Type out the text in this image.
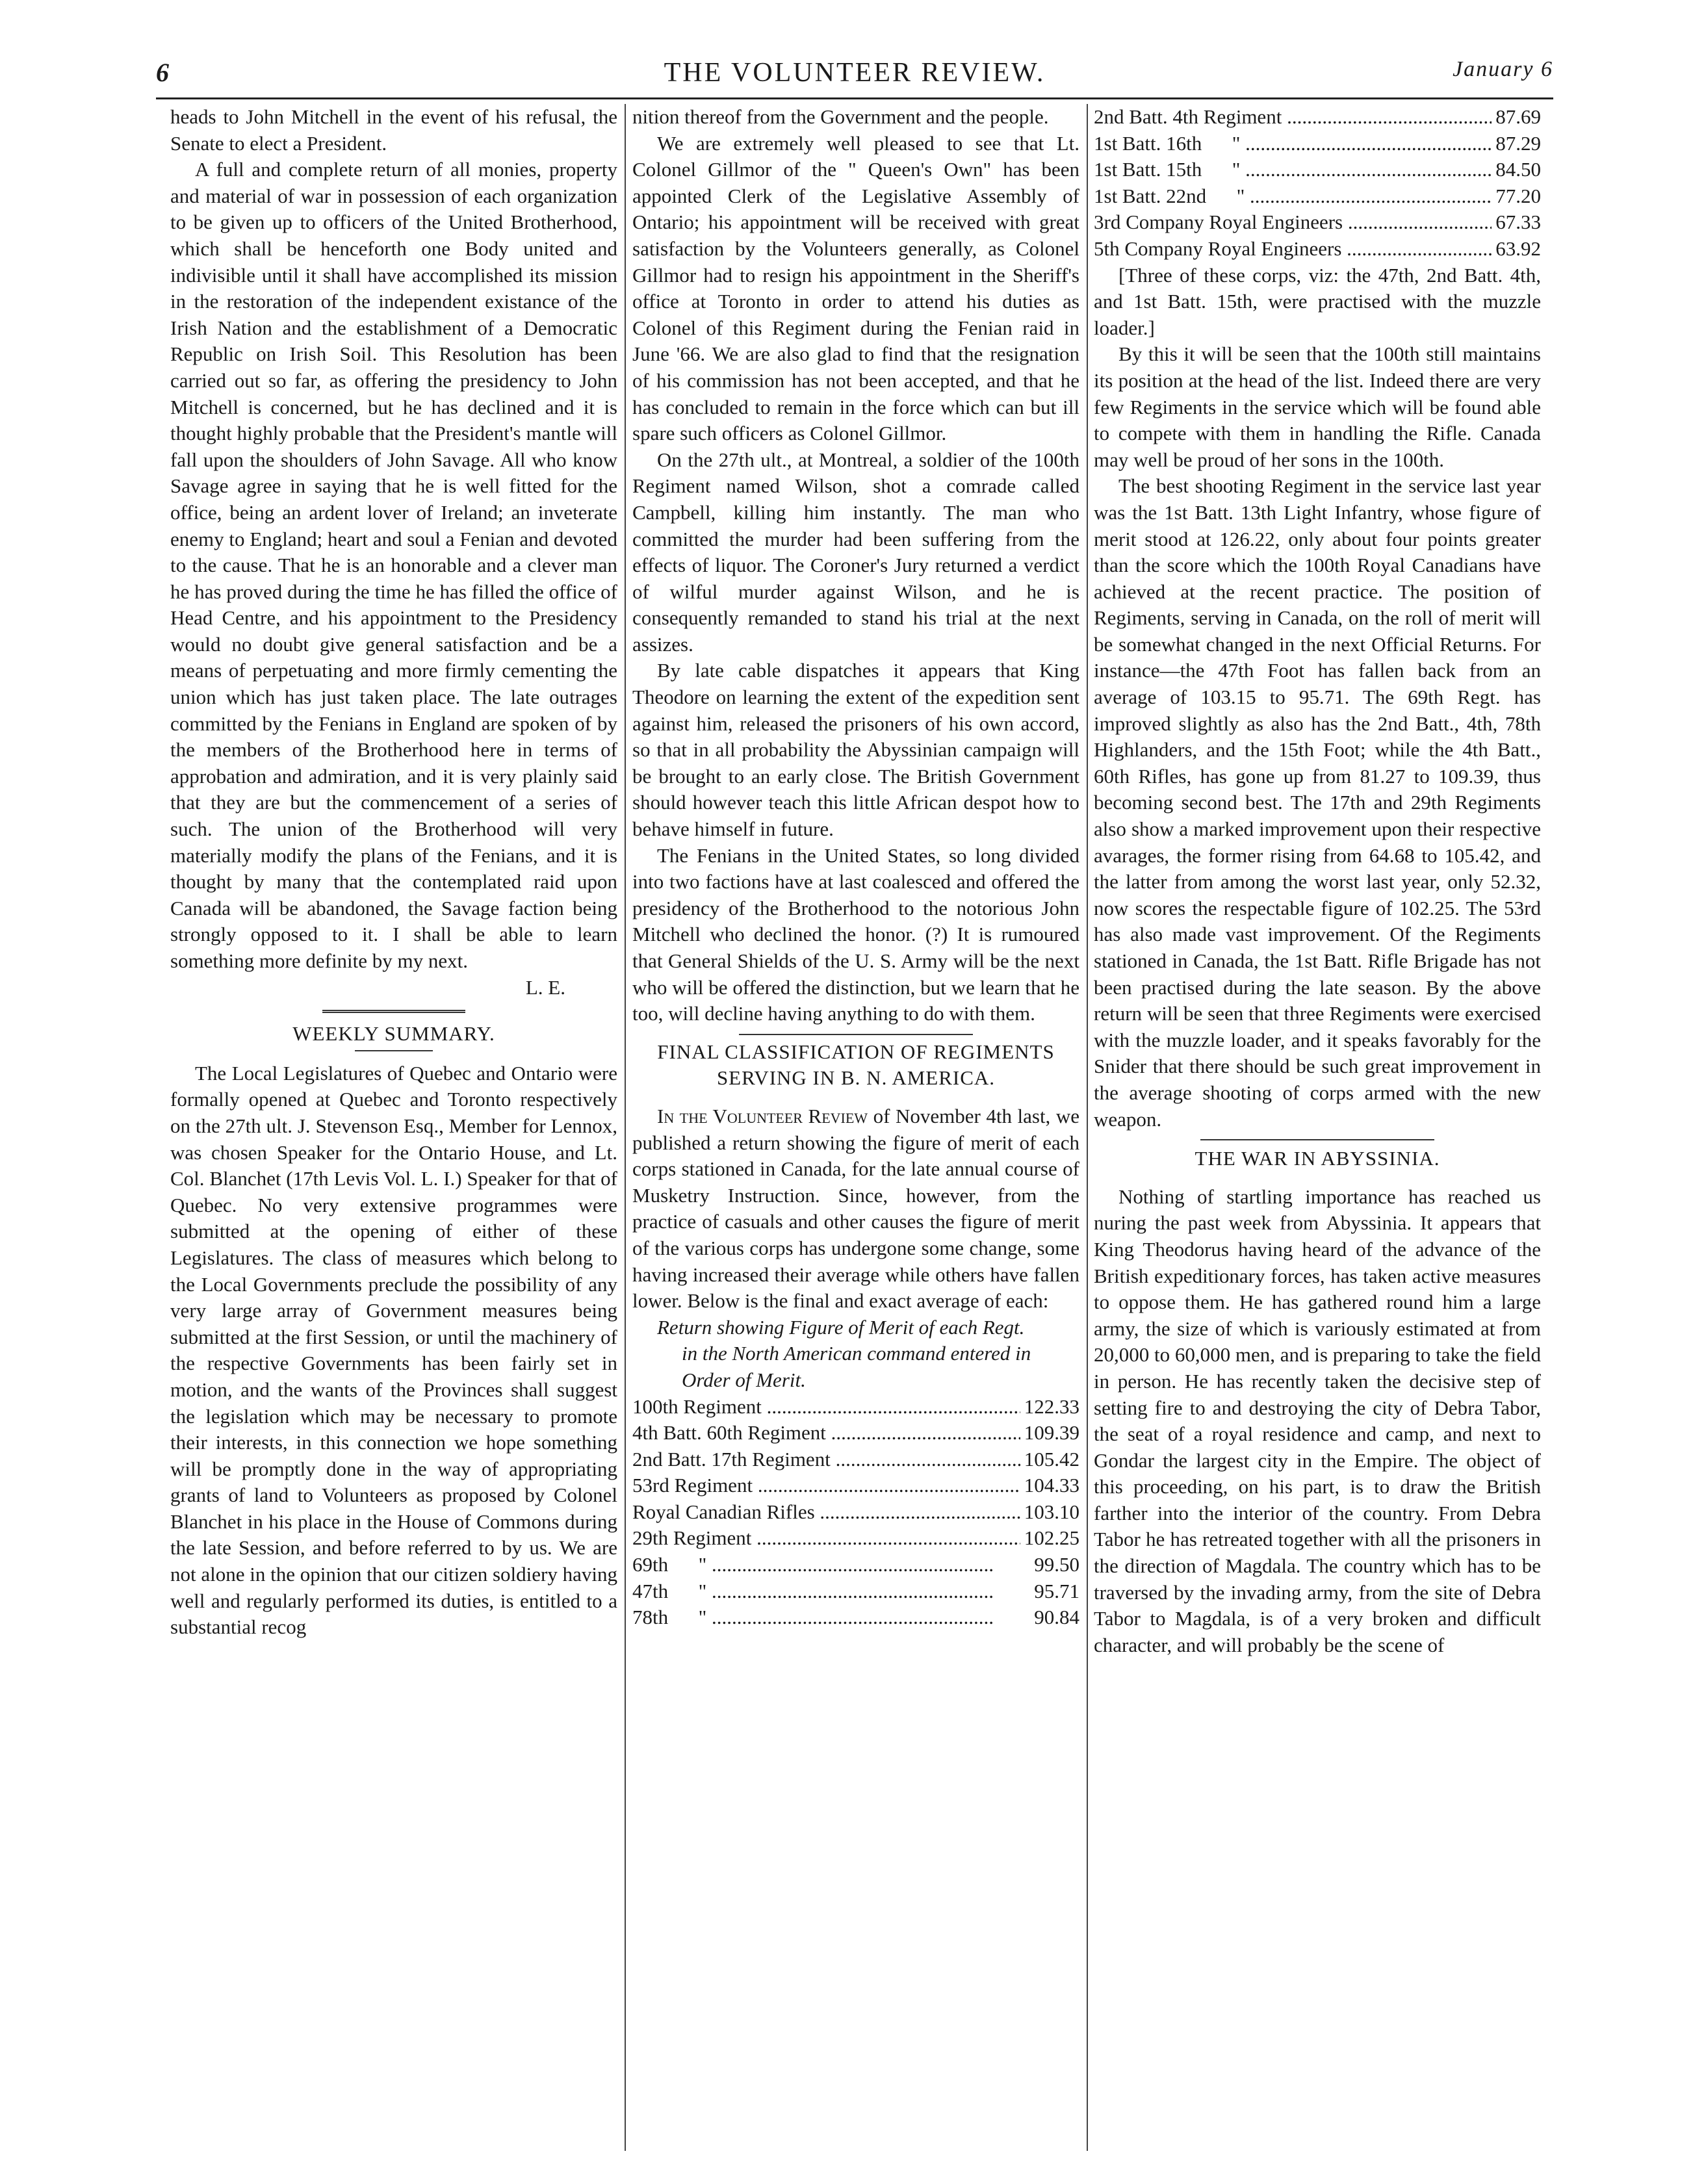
6	THE VOLUNTEER REVIEW.	January 6

heads to John Mitchell in the event of his refusal, the Senate to elect a President.

A full and complete return of all monies, property and material of war in possession of each organization to be given up to officers of the United Brotherhood, which shall be henceforth one Body united and indivisible until it shall have accomplished its mission in the restoration of the independent existance of the Irish Nation and the establishment of a Democratic Republic on Irish Soil. This Resolution has been carried out so far, as offering the presidency to John Mitchell is concerned, but he has declined and it is thought highly probable that the President's mantle will fall upon the shoulders of John Savage. All who know Savage agree in saying that he is well fitted for the office, being an ardent lover of Ireland; an inveterate enemy to England; heart and soul a Fenian and devoted to the cause. That he is an honorable and a clever man he has proved during the time he has filled the office of Head Centre, and his appointment to the Presidency would no doubt give general satisfaction and be a means of perpetuating and more firmly cementing the union which has just taken place. The late outrages committed by the Fenians in England are spoken of by the members of the Brotherhood here in terms of approbation and admiration, and it is very plainly said that they are but the commencement of a series of such. The union of the Brotherhood will very materially modify the plans of the Fenians, and it is thought by many that the contemplated raid upon Canada will be abandoned, the Savage faction being strongly opposed to it. I shall be able to learn something more definite by my next.

L. E.

WEEKLY SUMMARY.

The Local Legislatures of Quebec and Ontario were formally opened at Quebec and Toronto respectively on the 27th ult. J. Stevenson Esq., Member for Lennox, was chosen Speaker for the Ontario House, and Lt. Col. Blanchet (17th Levis Vol. L. I.) Speaker for that of Quebec. No very extensive programmes were submitted at the opening of either of these Legislatures. The class of measures which belong to the Local Governments preclude the possibility of any very large array of Government measures being submitted at the first Session, or until the machinery of the respective Governments has been fairly set in motion, and the wants of the Provinces shall suggest the legislation which may be necessary to promote their interests, in this connection we hope something will be promptly done in the way of appropriating grants of land to Volunteers as proposed by Colonel Blanchet in his place in the House of Commons during the late Session, and before referred to by us. We are not alone in the opinion that our citizen soldiery having well and regularly performed its duties, is entitled to a substantial recog

nition thereof from the Government and the people.

We are extremely well pleased to see that Lt. Colonel Gillmor of the " Queen's Own" has been appointed Clerk of the Legislative Assembly of Ontario; his appointment will be received with great satisfaction by the Volunteers generally, as Colonel Gillmor had to resign his appointment in the Sheriff's office at Toronto in order to attend his duties as Colonel of this Regiment during the Fenian raid in June '66. We are also glad to find that the resignation of his commission has not been accepted, and that he has concluded to remain in the force which can but ill spare such officers as Colonel Gillmor.

On the 27th ult., at Montreal, a soldier of the 100th Regiment named Wilson, shot a comrade called Campbell, killing him instantly. The man who committed the murder had been suffering from the effects of liquor. The Coroner's Jury returned a verdict of wilful murder against Wilson, and he is consequently remanded to stand his trial at the next assizes.

By late cable dispatches it appears that King Theodore on learning the extent of the expedition sent against him, released the prisoners of his own accord, so that in all probability the Abyssinian campaign will be brought to an early close. The British Government should however teach this little African despot how to behave himself in future.

The Fenians in the United States, so long divided into two factions have at last coalesced and offered the presidency of the Brotherhood to the notorious John Mitchell who declined the honor. (?) It is rumoured that General Shields of the U. S. Army will be the next who will be offered the distinction, but we learn that he too, will decline having anything to do with them.

FINAL CLASSIFICATION OF REGIMENTS
SERVING IN B. N. AMERICA.

In the Volunteer Review of November 4th last, we published a return showing the figure of merit of each corps stationed in Canada, for the late annual course of Musketry Instruction. Since, however, from the practice of casuals and other causes the figure of merit of the various corps has undergone some change, some having increased their average while others have fallen lower. Below is the final and exact average of each:

Return showing Figure of Merit of each Regt.
in the North American command entered in
Order of Merit.

100th Regiment .....	122.33
4th Batt. 60th Regiment .....	109.39
2nd Batt. 17th Regiment .....	105.42
53rd Regiment .....	104.33
Royal Canadian Rifles .....	103.10
29th Regiment .....	102.25
69th      " .....	99.50
47th      " .....	95.71
78th      " .....	90.84
2nd Batt. 4th Regiment .....	87.69
1st Batt. 16th      " .....	87.29
1st Batt. 15th      " .....	84.50
1st Batt. 22nd      " .....	77.20
3rd Company Royal Engineers .....	67.33
5th Company Royal Engineers .....	63.92

[Three of these corps, viz: the 47th, 2nd Batt. 4th, and 1st Batt. 15th, were practised with the muzzle loader.]

By this it will be seen that the 100th still maintains its position at the head of the list. Indeed there are very few Regiments in the service which will be found able to compete with them in handling the Rifle. Canada may well be proud of her sons in the 100th.

The best shooting Regiment in the service last year was the 1st Batt. 13th Light Infantry, whose figure of merit stood at 126.22, only about four points greater than the score which the 100th Royal Canadians have achieved at the recent practice. The position of Regiments, serving in Canada, on the roll of merit will be somewhat changed in the next Official Returns. For instance—the 47th Foot has fallen back from an average of 103.15 to 95.71. The 69th Regt. has improved slightly as also has the 2nd Batt., 4th, 78th Highlanders, and the 15th Foot; while the 4th Batt., 60th Rifles, has gone up from 81.27 to 109.39, thus becoming second best. The 17th and 29th Regiments also show a marked improvement upon their respective avarages, the former rising from 64.68 to 105.42, and the latter from among the worst last year, only 52.32, now scores the respectable figure of 102.25. The 53rd has also made vast improvement. Of the Regiments stationed in Canada, the 1st Batt. Rifle Brigade has not been practised during the late season. By the above return will be seen that three Regiments were exercised with the muzzle loader, and it speaks favorably for the Snider that there should be such great improvement in the average shooting of corps armed with the new weapon.

THE WAR IN ABYSSINIA.

Nothing of startling importance has reached us nuring the past week from Abyssinia. It appears that King Theodorus having heard of the advance of the British expeditionary forces, has taken active measures to oppose them. He has gathered round him a large army, the size of which is variously estimated at from 20,000 to 60,000 men, and is preparing to take the field in person. He has recently taken the decisive step of setting fire to and destroying the city of Debra Tabor, the seat of a royal residence and camp, and next to Gondar the largest city in the Empire. The object of this proceeding, on his part, is to draw the British farther into the interior of the country. From Debra Tabor he has retreated together with all the prisoners in the direction of Magdala. The country which has to be traversed by the invading army, from the site of Debra Tabor to Magdala, is of a very broken and difficult character, and will probably be the scene of
